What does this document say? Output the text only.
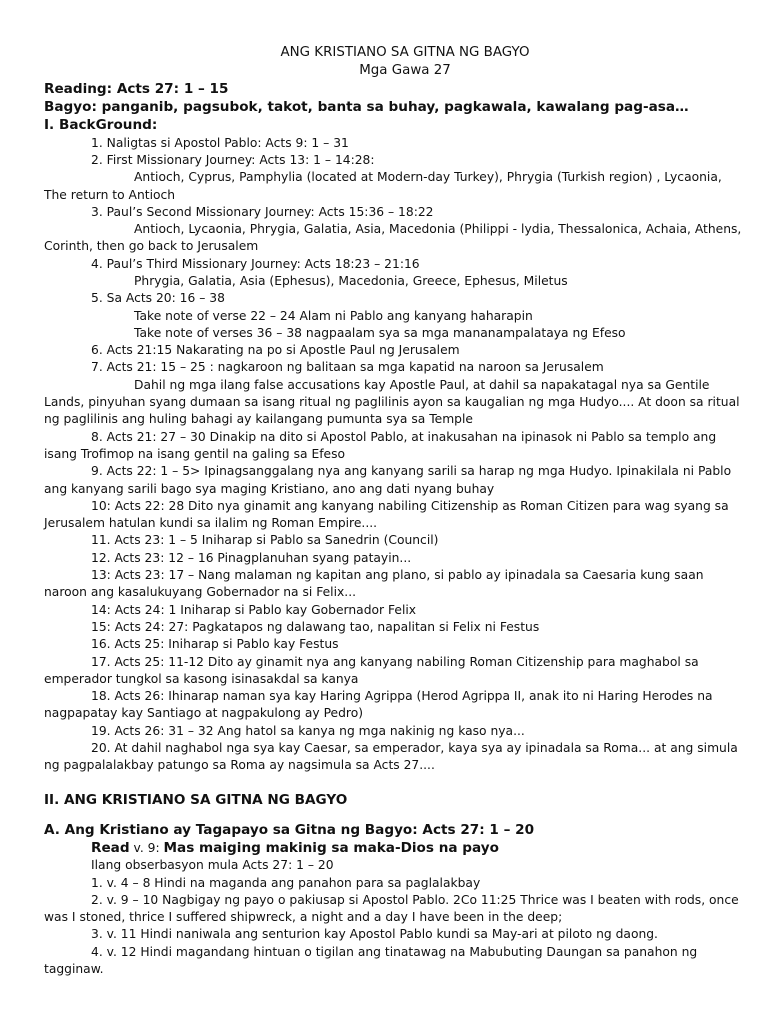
ANG KRISTIANO SA GITNA NG BAGYO

Mga Gawa 27

Reading: Acts 27: 1 – 15

Bagyo: panganib, pagsubok, takot, banta sa buhay, pagkawala, kawalang pag-asa…

I. BackGround:

1. Naligtas si Apostol Pablo: Acts 9: 1 – 31

2. First Missionary Journey: Acts 13: 1 – 14:28:

Antioch, Cyprus, Pamphylia (located at Modern-day Turkey), Phrygia (Turkish region) , Lycaonia, The return to Antioch

3. Paul’s Second Missionary Journey: Acts 15:36 – 18:22

Antioch, Lycaonia, Phrygia, Galatia, Asia, Macedonia (Philippi - lydia, Thessalonica, Achaia, Athens, Corinth, then go back to Jerusalem

4. Paul’s Third Missionary Journey: Acts 18:23 – 21:16

Phrygia, Galatia, Asia (Ephesus), Macedonia, Greece, Ephesus, Miletus

5. Sa Acts 20: 16 – 38

Take note of verse 22 – 24 Alam ni Pablo ang kanyang haharapin

Take note of verses 36 – 38 nagpaalam sya sa mga mananampalataya ng Efeso

6. Acts 21:15 Nakarating na po si Apostle Paul ng Jerusalem

7. Acts 21: 15 – 25 : nagkaroon ng balitaan sa mga kapatid na naroon sa Jerusalem

Dahil ng mga ilang false accusations kay Apostle Paul, at dahil sa napakatagal nya sa Gentile Lands, pinyuhan syang dumaan sa isang ritual ng paglilinis ayon sa kaugalian ng mga Hudyo.... At doon sa ritual ng paglilinis ang huling bahagi ay kailangang pumunta sya sa Temple

8. Acts 21: 27 – 30 Dinakip na dito si Apostol Pablo, at inakusahan na ipinasok ni Pablo sa templo ang isang Trofimop na isang gentil na galing sa Efeso

9. Acts 22: 1 – 5> Ipinagsanggalang nya ang kanyang sarili sa harap ng mga Hudyo. Ipinakilala ni Pablo ang kanyang sarili bago sya maging Kristiano, ano ang dati nyang buhay

10: Acts 22: 28 Dito nya ginamit ang kanyang nabiling Citizenship as Roman Citizen para wag syang sa Jerusalem hatulan kundi sa ilalim ng Roman Empire....

11. Acts 23: 1 – 5 Iniharap si Pablo sa Sanedrin (Council)

12. Acts 23: 12 – 16 Pinagplanuhan syang patayin...

13: Acts 23: 17 – Nang malaman ng kapitan ang plano, si pablo ay ipinadala sa Caesaria kung saan naroon ang kasalukuyang Gobernador na si Felix...

14: Acts 24: 1 Iniharap si Pablo kay Gobernador Felix

15: Acts 24: 27: Pagkatapos ng dalawang tao, napalitan si Felix ni Festus

16. Acts 25: Iniharap si Pablo kay Festus

17. Acts 25: 11-12 Dito ay ginamit nya ang kanyang nabiling Roman Citizenship para maghabol sa emperador tungkol sa kasong isinasakdal sa kanya

18. Acts 26: Ihinarap naman sya kay Haring Agrippa (Herod Agrippa II, anak ito ni Haring Herodes na nagpapatay kay Santiago at nagpakulong ay Pedro)

19. Acts 26: 31 – 32 Ang hatol sa kanya ng mga nakinig ng kaso nya...

20. At dahil naghabol nga sya kay Caesar, sa emperador, kaya sya ay ipinadala sa Roma... at ang simula ng pagpalalakbay patungo sa Roma ay nagsimula sa Acts 27....

II. ANG KRISTIANO SA GITNA NG BAGYO

A. Ang Kristiano ay Tagapayo sa Gitna ng Bagyo: Acts 27: 1 – 20

Read v. 9: Mas maiging makinig sa maka-Dios na payo

Ilang obserbasyon mula Acts 27: 1 – 20

1. v. 4 – 8 Hindi na maganda ang panahon para sa paglalakbay

2. v. 9 – 10 Nagbigay ng payo o pakiusap si Apostol Pablo. 2Co 11:25 Thrice was I beaten with rods, once was I stoned, thrice I suffered shipwreck, a night and a day I have been in the deep;

3. v. 11 Hindi naniwala ang senturion kay Apostol Pablo kundi sa May-ari at piloto ng daong.

4. v. 12 Hindi magandang hintuan o tigilan ang tinatawag na Mabubuting Daungan sa panahon ng tagginaw.
